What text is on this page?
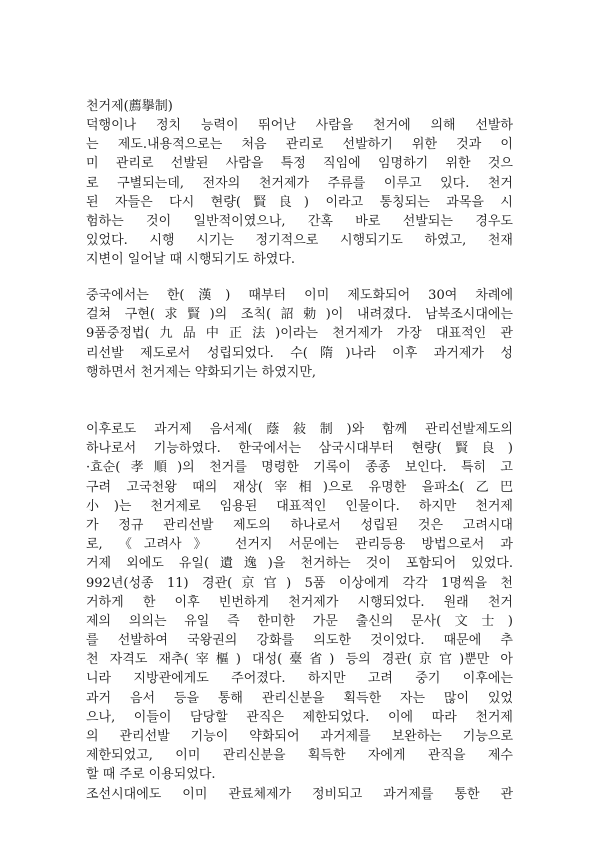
천거제(薦擧制)
덕행이나 정치 능력이 뛰어난 사람을 천거에 의해 선발하
는 제도.내용적으로는 처음 관리로 선발하기 위한 것과 이
미 관리로 선발된 사람을 특정 직임에 임명하기 위한 것으
로 구별되는데, 전자의 천거제가 주류를 이루고 있다. 천거
된 자들은 다시 현량(賢良) 이라고 통칭되는 과목을 시
험하는 것이 일반적이였으나, 간혹 바로 선발되는 경우도
있었다. 시행 시기는 정기적으로 시행되기도 하였고, 천재
지변이 일어날 때 시행되기도 하였다.
중국에서는 한(漢) 때부터 이미 제도화되어 30여 차례에
걸쳐 구현(求賢)의 조칙(詔勅)이 내려졌다. 남북조시대에는
9품중정법(九品中正法)이라는 천거제가 가장 대표적인 관
리선발 제도로서 성립되었다. 수(隋)나라 이후 과거제가 성
행하면서 천거제는 약화되기는 하였지만,
이후로도 과거제 음서제(蔭敍制)와 함께 관리선발제도의
하나로서 기능하였다. 한국에서는 삼국시대부터 현량(賢良)
·효순(孝順)의 천거를 명령한 기록이 종종 보인다. 특히 고
구려 고국천왕 때의 재상(宰相)으로 유명한 을파소(乙巴
小)는 천거제로 임용된 대표적인 인물이다. 하지만 천거제
가 정규 관리선발 제도의 하나로서 성립된 것은 고려시대
로, 《고려사》 선거지 서문에는 관리등용 방법으로서 과
거제 외에도 유일(遺逸)을 천거하는 것이 포함되어 있었다.
992년(성종 11) 경관(京官) 5품 이상에게 각각 1명씩을 천
거하게 한 이후 빈번하게 천거제가 시행되었다. 원래 천거
제의 의의는 유일 즉 한미한 가문 출신의 문사(文士)
를 선발하여 국왕권의 강화를 의도한 것이었다. 때문에 추
천 자격도 재추(宰樞) 대성(臺省) 등의 경관(京官)뿐만 아
니라 지방관에게도 주어졌다. 하지만 고려 중기 이후에는
과거 음서 등을 통해 관리신분을 획득한 자는 많이 있었
으나, 이들이 담당할 관직은 제한되었다. 이에 따라 천거제
의 관리선발 기능이 약화되어 과거제를 보완하는 기능으로
제한되었고, 이미 관리신분을 획득한 자에게 관직을 제수
할 때 주로 이용되었다.
조선시대에도 이미 관료체제가 정비되고 과거제를 통한 관
